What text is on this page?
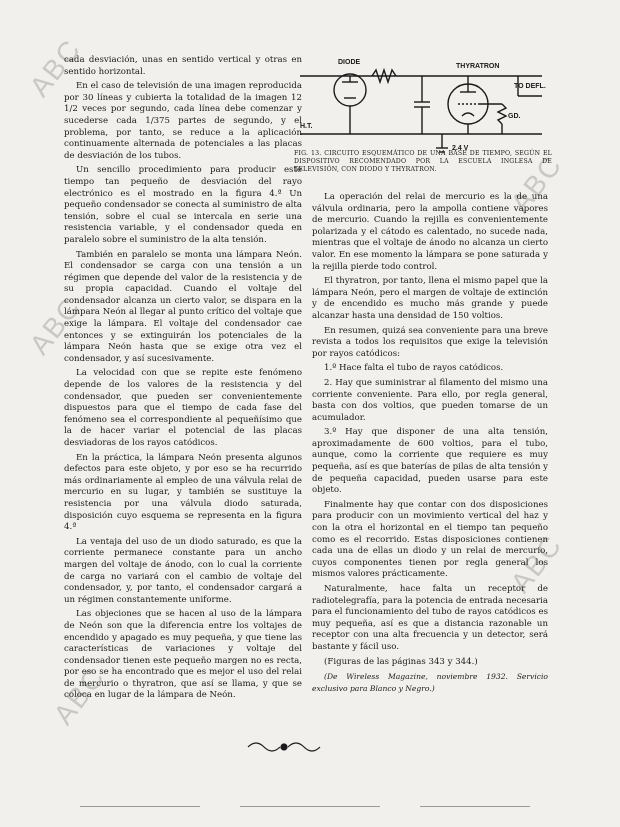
ABC
ABC
ABC
ABC
ABC

cada desviación, unas en sentido vertical y otras en sentido horizontal.

En el caso de televisión de una imagen reproducida por 30 líneas y cubierta la totalidad de la imagen 12 1/2 veces por segundo, cada línea debe comenzar y sucederse cada 1/375 partes de segundo, y el problema, por tanto, se reduce a la aplicación continuamente alternada de potenciales a las placas de desviación de los tubos.

Un sencillo procedimiento para producir este tiempo tan pequeño de desviación del rayo electrónico es el mostrado en la figura 4.ª Un pequeño condensador se conecta al suministro de alta tensión, sobre el cual se intercala en serie una resistencia variable, y el condensador queda en paralelo sobre el suministro de la alta tensión.

También en paralelo se monta una lámpara Neón. El condensador se carga con una tensión a un régimen que depende del valor de la resistencia y de su propia capacidad. Cuando el voltaje del condensador alcanza un cierto valor, se dispara en la lámpara Neón al llegar al punto crítico del voltaje que exige la lámpara. El voltaje del condensador cae entonces y se extinguirán los potenciales de la lámpara Neón hasta que se exige otra vez el condensador, y así sucesivamente.

La velocidad con que se repite este fenómeno depende de los valores de la resistencia y del condensador, que pueden ser convenientemente dispuestos para que el tiempo de cada fase del fenómeno sea el correspondiente al pequeñísimo que la de hacer variar el potencial de las placas desviadoras de los rayos catódicos.

En la práctica, la lámpara Neón presenta algunos defectos para este objeto, y por eso se ha recurrido más ordinariamente al empleo de una válvula relai de mercurio en su lugar, y también se sustituye la resistencia por una válvula diodo saturada, disposición cuyo esquema se representa en la figura 4.ª

La ventaja del uso de un diodo saturado, es que la corriente permanece constante para un ancho margen del voltaje de ánodo, con lo cual la corriente de carga no variará con el cambio de voltaje del condensador, y, por tanto, el condensador cargará a un régimen constantemente uniforme.

Las objeciones que se hacen al uso de la lámpara de Neón son que la diferencia entre los voltajes de encendido y apagado es muy pequeña, y que tiene las características de variaciones y voltaje del condensador tienen este pequeño margen no es recta, por eso se ha encontrado que es mejor el uso del relai de mercurio o thyratron, que así se llama, y que se coloca en lugar de la lámpara de Neón.

DIODE
THYRATRON
TO DEFL.
H.T.
GD.
2.4 V
FIG. 13. CIRCUITO ESQUEMÁTICO DE UNA BASE DE TIEMPO, SEGÚN EL DISPOSITIVO RECOMENDADO POR LA ESCUELA INGLESA DE TELEVISIÓN, CON DIODO Y THYRATRON.

La operación del relai de mercurio es la de una válvula ordinaria, pero la ampolla contiene vapores de mercurio. Cuando la rejilla es convenientemente polarizada y el cátodo es calentado, no sucede nada, mientras que el voltaje de ánodo no alcanza un cierto valor. En ese momento la lámpara se pone saturada y la rejilla pierde todo control.

El thyratron, por tanto, llena el mismo papel que la lámpara Neón, pero el margen de voltaje de extinción y de encendido es mucho más grande y puede alcanzar hasta una densidad de 150 voltios.

En resumen, quizá sea conveniente para una breve revista a todos los requisitos que exige la televisión por rayos catódicos:

1.º Hace falta el tubo de rayos catódicos.

2. Hay que suministrar al filamento del mismo una corriente conveniente. Para ello, por regla general, basta con dos voltios, que pueden tomarse de un acumulador.

3.º Hay que disponer de una alta tensión, aproximadamente de 600 voltios, para el tubo, aunque, como la corriente que requiere es muy pequeña, así es que baterías de pilas de alta tensión y de pequeña capacidad, pueden usarse para este objeto.

Finalmente hay que contar con dos disposiciones para producir con un movimiento vertical del haz y con la otra el horizontal en el tiempo tan pequeño como es el recorrido. Estas disposiciones contienen cada una de ellas un diodo y un relai de mercurio, cuyos componentes tienen por regla general los mismos valores prácticamente.

Naturalmente, hace falta un receptor de radiotelegrafía, para la potencia de entrada necesaria para el funcionamiento del tubo de rayos catódicos es muy pequeña, así es que a distancia razonable un receptor con una alta frecuencia y un detector, será bastante y fácil uso.

(Figuras de las páginas 343 y 344.)

(De Wireless Magazine, noviembre 1932. Servicio exclusivo para Blanco y Negro.)
